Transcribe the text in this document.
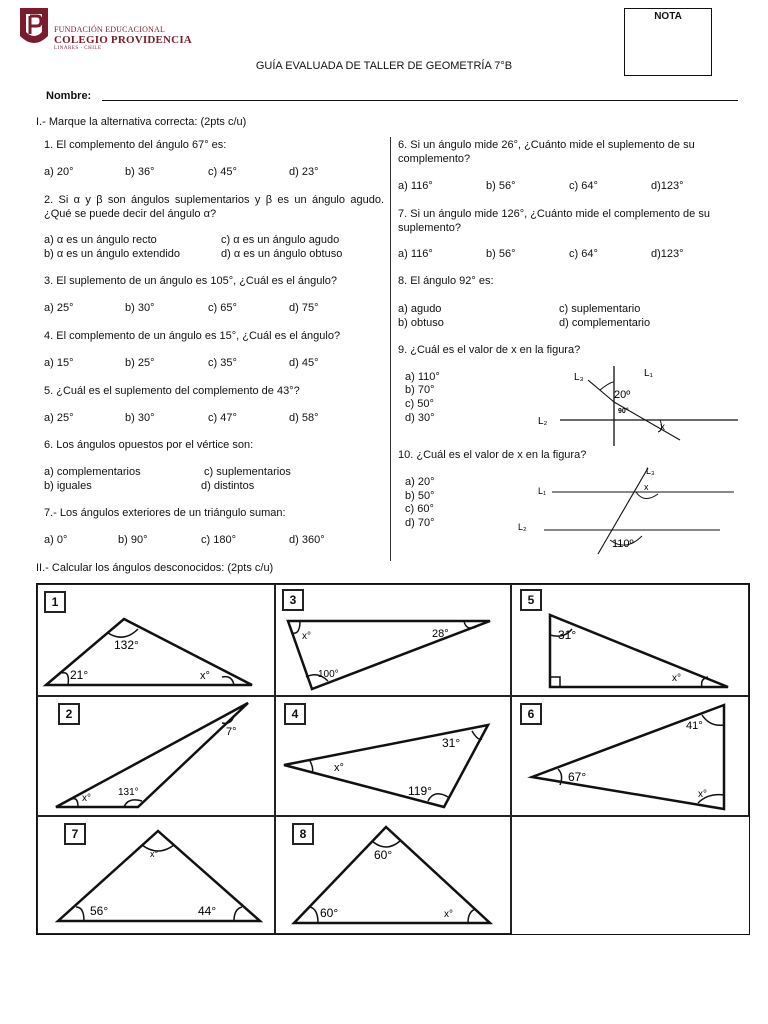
FUNDACIÓN EDUCACIONAL
COLEGIO PROVIDENCIA
LINARES · CHILE
NOTA
GUÍA EVALUADA DE TALLER DE GEOMETRÍA 7°B
Nombre:
I.- Marque la alternativa correcta: (2pts c/u)
1. El complemento del ángulo 67° es:
a) 20°	b) 36°	c) 45°	d) 23°
2. Si α y β son ángulos suplementarios y β es un ángulo agudo. ¿Qué se puede decir del ángulo α?
a) α es un ángulo recto
b) α es un ángulo extendido
c) α es un ángulo agudo
d) α es un ángulo obtuso
3. El suplemento de un ángulo es 105°, ¿Cuál es el ángulo?
a) 25°	b) 30°	c) 65°	d) 75°
4. El complemento de un ángulo es 15°, ¿Cuál es el ángulo?
a) 15°	b) 25°	c) 35°	d) 45°
5. ¿Cuál es el suplemento del complemento de 43°?
a) 25°	b) 30°	c) 47°	d) 58°
6. Los ángulos opuestos por el vértice son:
a) complementarios
b) iguales
c) suplementarios
d) distintos
7.- Los ángulos exteriores de un triángulo suman:
a) 0°	b) 90°	c) 180°	d) 360°
6. Si un ángulo mide 26°, ¿Cuánto mide el suplemento de su complemento?
a) 116°	b) 56°	c) 64°	d)123°
7. Si un ángulo mide 126°, ¿Cuánto mide el complemento de su suplemento?
a) 116°	b) 56°	c) 64°	d)123°
8. El ángulo 92° es:
a) agudo
b) obtuso
c) suplementario
d) complementario
9. ¿Cuál es el valor de x en la figura?
a) 110°
b) 70°
c) 50°
d) 30°
L₃	L₁
L₂
20º
90°
x
10. ¿Cuál es el valor de x en la figura?
a) 20°
b) 50°
c) 60°
d) 70°
L₃
L₁
L₂
x
110º
II.- Calcular los ángulos desconocidos: (2pts c/u)
1
132°
21°	x°
2
7°
x°
131°
7
x°
56°	44°
3
x°	28°
100°
4
31°
x°
119°
8
60°
60°	x°
5
31°
x°
6
41°
67°
x°
